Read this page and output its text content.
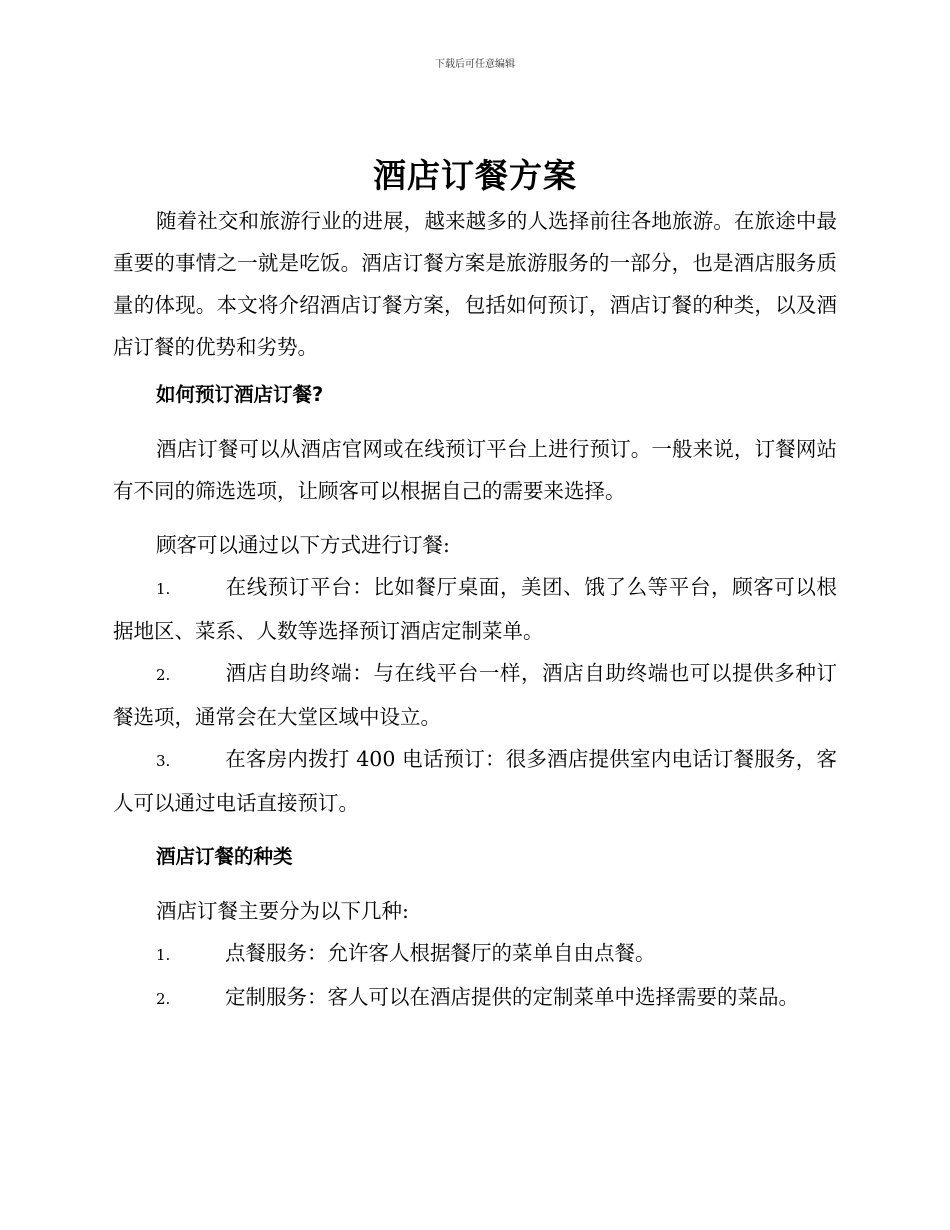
下载后可任意编辑
酒店订餐方案

随着社交和旅游行业的进展，越来越多的人选择前往各地旅游。在旅途中最重要的事情之一就是吃饭。酒店订餐方案是旅游服务的一部分，也是酒店服务质量的体现。本文将介绍酒店订餐方案，包括如何预订，酒店订餐的种类，以及酒店订餐的优势和劣势。

如何预订酒店订餐?

酒店订餐可以从酒店官网或在线预订平台上进行预订。一般来说，订餐网站有不同的筛选选项，让顾客可以根据自己的需要来选择。

顾客可以通过以下方式进行订餐:

1.	在线预订平台：比如餐厅桌面，美团、饿了么等平台，顾客可以根据地区、菜系、人数等选择预订酒店定制菜单。

2.	酒店自助终端：与在线平台一样，酒店自助终端也可以提供多种订餐选项，通常会在大堂区域中设立。

3.	在客房内拨打 400 电话预订：很多酒店提供室内电话订餐服务，客人可以通过电话直接预订。

酒店订餐的种类

酒店订餐主要分为以下几种:

1.	点餐服务：允许客人根据餐厅的菜单自由点餐。

2.	定制服务：客人可以在酒店提供的定制菜单中选择需要的菜品。
